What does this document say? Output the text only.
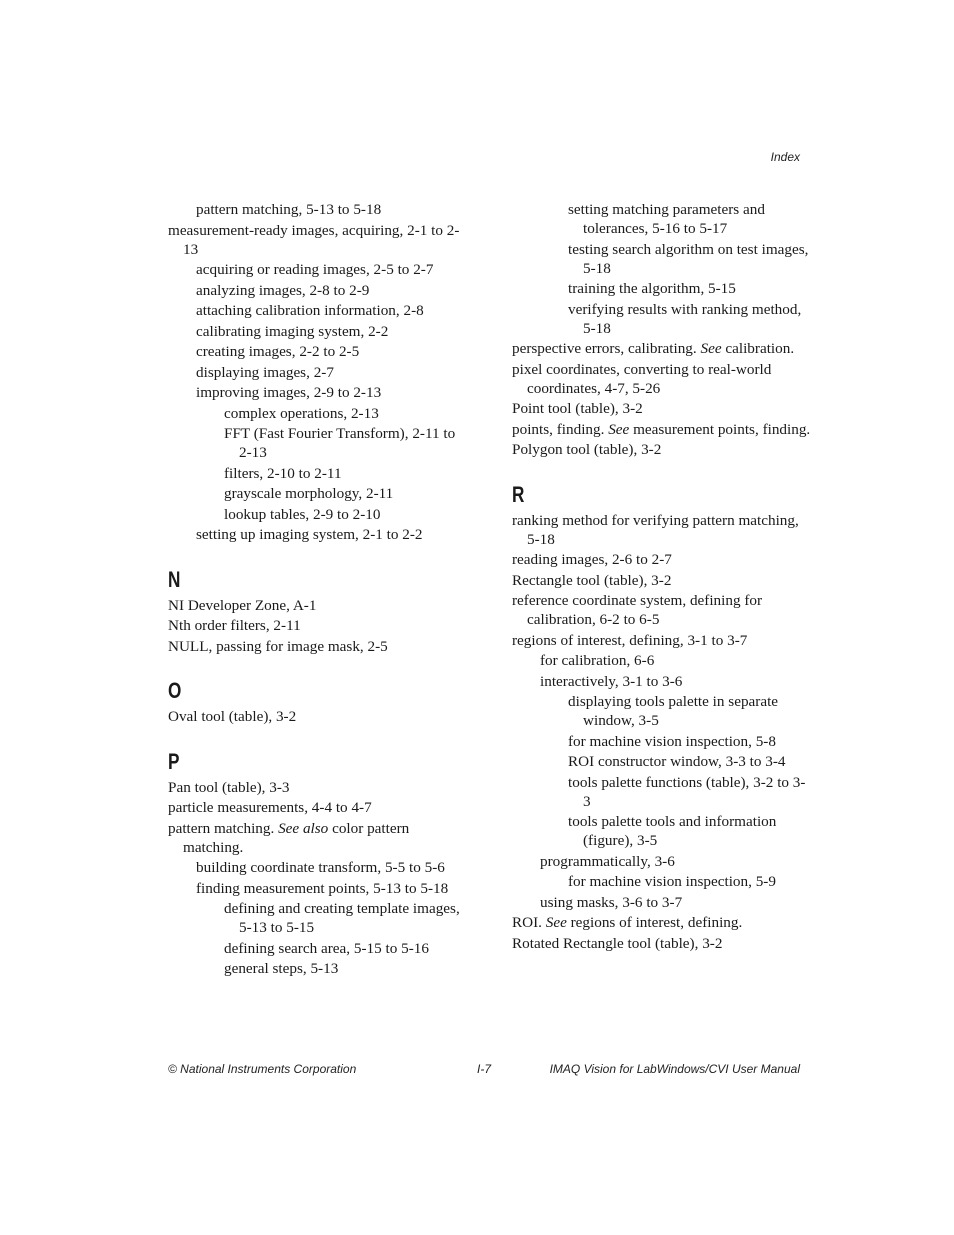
Index
pattern matching, 5-13 to 5-18
measurement-ready images, acquiring, 2-1 to 2-13
acquiring or reading images, 2-5 to 2-7
analyzing images, 2-8 to 2-9
attaching calibration information, 2-8
calibrating imaging system, 2-2
creating images, 2-2 to 2-5
displaying images, 2-7
improving images, 2-9 to 2-13
complex operations, 2-13
FFT (Fast Fourier Transform), 2-11 to 2-13
filters, 2-10 to 2-11
grayscale morphology, 2-11
lookup tables, 2-9 to 2-10
setting up imaging system, 2-1 to 2-2
N
NI Developer Zone, A-1
Nth order filters, 2-11
NULL, passing for image mask, 2-5
O
Oval tool (table), 3-2
P
Pan tool (table), 3-3
particle measurements, 4-4 to 4-7
pattern matching. See also color pattern matching.
building coordinate transform, 5-5 to 5-6
finding measurement points, 5-13 to 5-18
defining and creating template images, 5-13 to 5-15
defining search area, 5-15 to 5-16
general steps, 5-13
setting matching parameters and tolerances, 5-16 to 5-17
testing search algorithm on test images, 5-18
training the algorithm, 5-15
verifying results with ranking method, 5-18
perspective errors, calibrating. See calibration.
pixel coordinates, converting to real-world coordinates, 4-7, 5-26
Point tool (table), 3-2
points, finding. See measurement points, finding.
Polygon tool (table), 3-2
R
ranking method for verifying pattern matching, 5-18
reading images, 2-6 to 2-7
Rectangle tool (table), 3-2
reference coordinate system, defining for calibration, 6-2 to 6-5
regions of interest, defining, 3-1 to 3-7
for calibration, 6-6
interactively, 3-1 to 3-6
displaying tools palette in separate window, 3-5
for machine vision inspection, 5-8
ROI constructor window, 3-3 to 3-4
tools palette functions (table), 3-2 to 3-3
tools palette tools and information (figure), 3-5
programmatically, 3-6
for machine vision inspection, 5-9
using masks, 3-6 to 3-7
ROI. See regions of interest, defining.
Rotated Rectangle tool (table), 3-2
© National Instruments Corporation	I-7	IMAQ Vision for LabWindows/CVI User Manual
